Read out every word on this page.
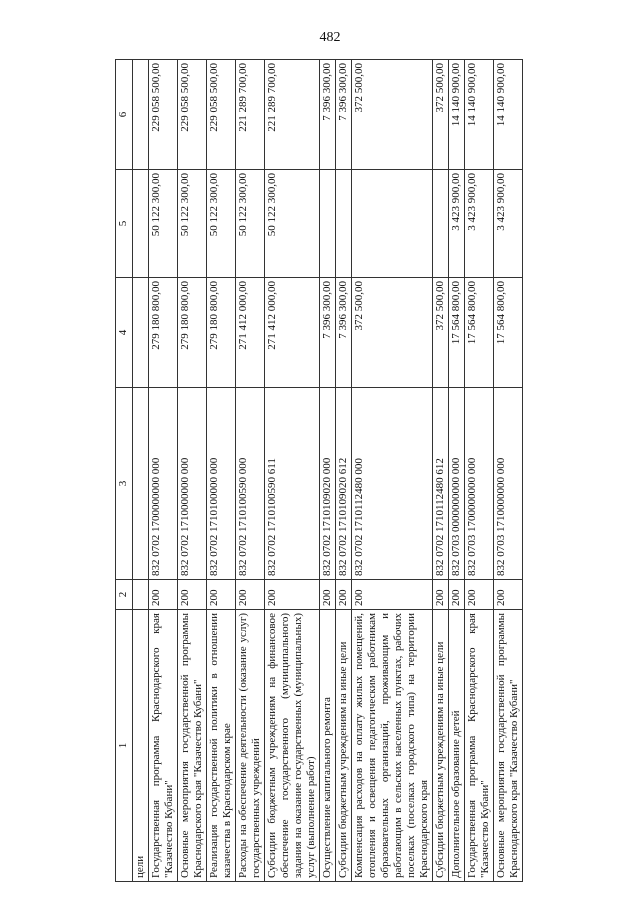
482
1	2	3	4	5	6
цели					
Государственная программа Краснодарского края "Казачество Кубани"	200	832 0702 1700000000 000	279 180 800,00	50 122 300,00	229 058 500,00
Основные мероприятия государственной программы Краснодарского края "Казачество Кубани"	200	832 0702 1710000000 000	279 180 800,00	50 122 300,00	229 058 500,00
Реализация государственной политики в отношении казачества в Краснодарском крае	200	832 0702 1710100000 000	279 180 800,00	50 122 300,00	229 058 500,00
Расходы на обеспечение деятельности (оказание услуг) государственных учреждений	200	832 0702 1710100590 000	271 412 000,00	50 122 300,00	221 289 700,00
Субсидии бюджетным учреждениям на финансовое обеспечение государственного (муниципального) задания на оказание государственных (муниципальных) услуг (выполнение работ)	200	832 0702 1710100590 611	271 412 000,00	50 122 300,00	221 289 700,00
Осуществление капитального ремонта	200	832 0702 1710109020 000	7 396 300,00		7 396 300,00
Субсидии бюджетным учреждениям на иные цели	200	832 0702 1710109020 612	7 396 300,00		7 396 300,00
Компенсация расходов на оплату жилых помещений, отопления и освещения педагогическим работникам образовательных организаций, проживающим и работающим в сельских населенных пунктах, рабочих поселках (поселках городского типа) на территории Краснодарского края	200	832 0702 1710112480 000	372 500,00		372 500,00
Субсидии бюджетным учреждениям на иные цели	200	832 0702 1710112480 612	372 500,00		372 500,00
Дополнительное образование детей	200	832 0703 0000000000 000	17 564 800,00	3 423 900,00	14 140 900,00
Государственная программа Краснодарского края "Казачество Кубани"	200	832 0703 1700000000 000	17 564 800,00	3 423 900,00	14 140 900,00
Основные мероприятия государственной программы Краснодарского края "Казачество Кубани"	200	832 0703 1710000000 000	17 564 800,00	3 423 900,00	14 140 900,00
